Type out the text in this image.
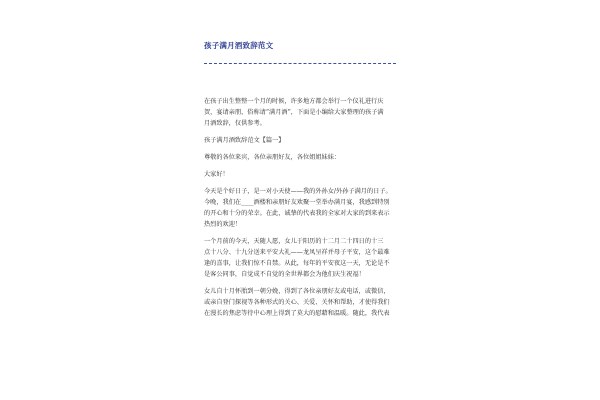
孩子满月酒致辞范文

在孩子出生整整一个月的时候，许多地方都会举行一个仪礼进行庆
贺，宴请亲朋，俗称请“满月酒”，下面是小编给大家整理的孩子满
月酒致辞，仅供参考。

孩子满月酒致辞范文【篇一】

尊敬的各位来宾，各位亲朋好友，各位姐姐妹妹：

大家好！

今天是个好日子，是一对小天使——我的外孙女/外孙子满月的日子。
今晚，我们在____酒楼和亲朋好友欢聚一堂举办满月宴，我感到特别
的开心和十分的荣幸。在此，诚挚的代表我的全家对大家的到来表示
热烈的欢迎！

一个月前的今天，天随人愿，女儿于阳历的十二月二十四日的十三
点十八分、十九分送来平安大礼——龙凤呈祥并母子平安，这个最难
逢的喜事，让我们惊不自禁。从此，每年的平安夜这一天，无论是不
是客公同事，自觉成不自觉的全世界都会为他们庆生祝福！

女儿自十月怀胎到一朝分娩，得到了各位亲朋好友或电话，或微信，
或亲自登门探视等各种形式的关心、关爱、关怀和帮助，才使得我们
在漫长的焦虑等待中心理上得到了莫大的慰藉和温暖。随此，我代表
